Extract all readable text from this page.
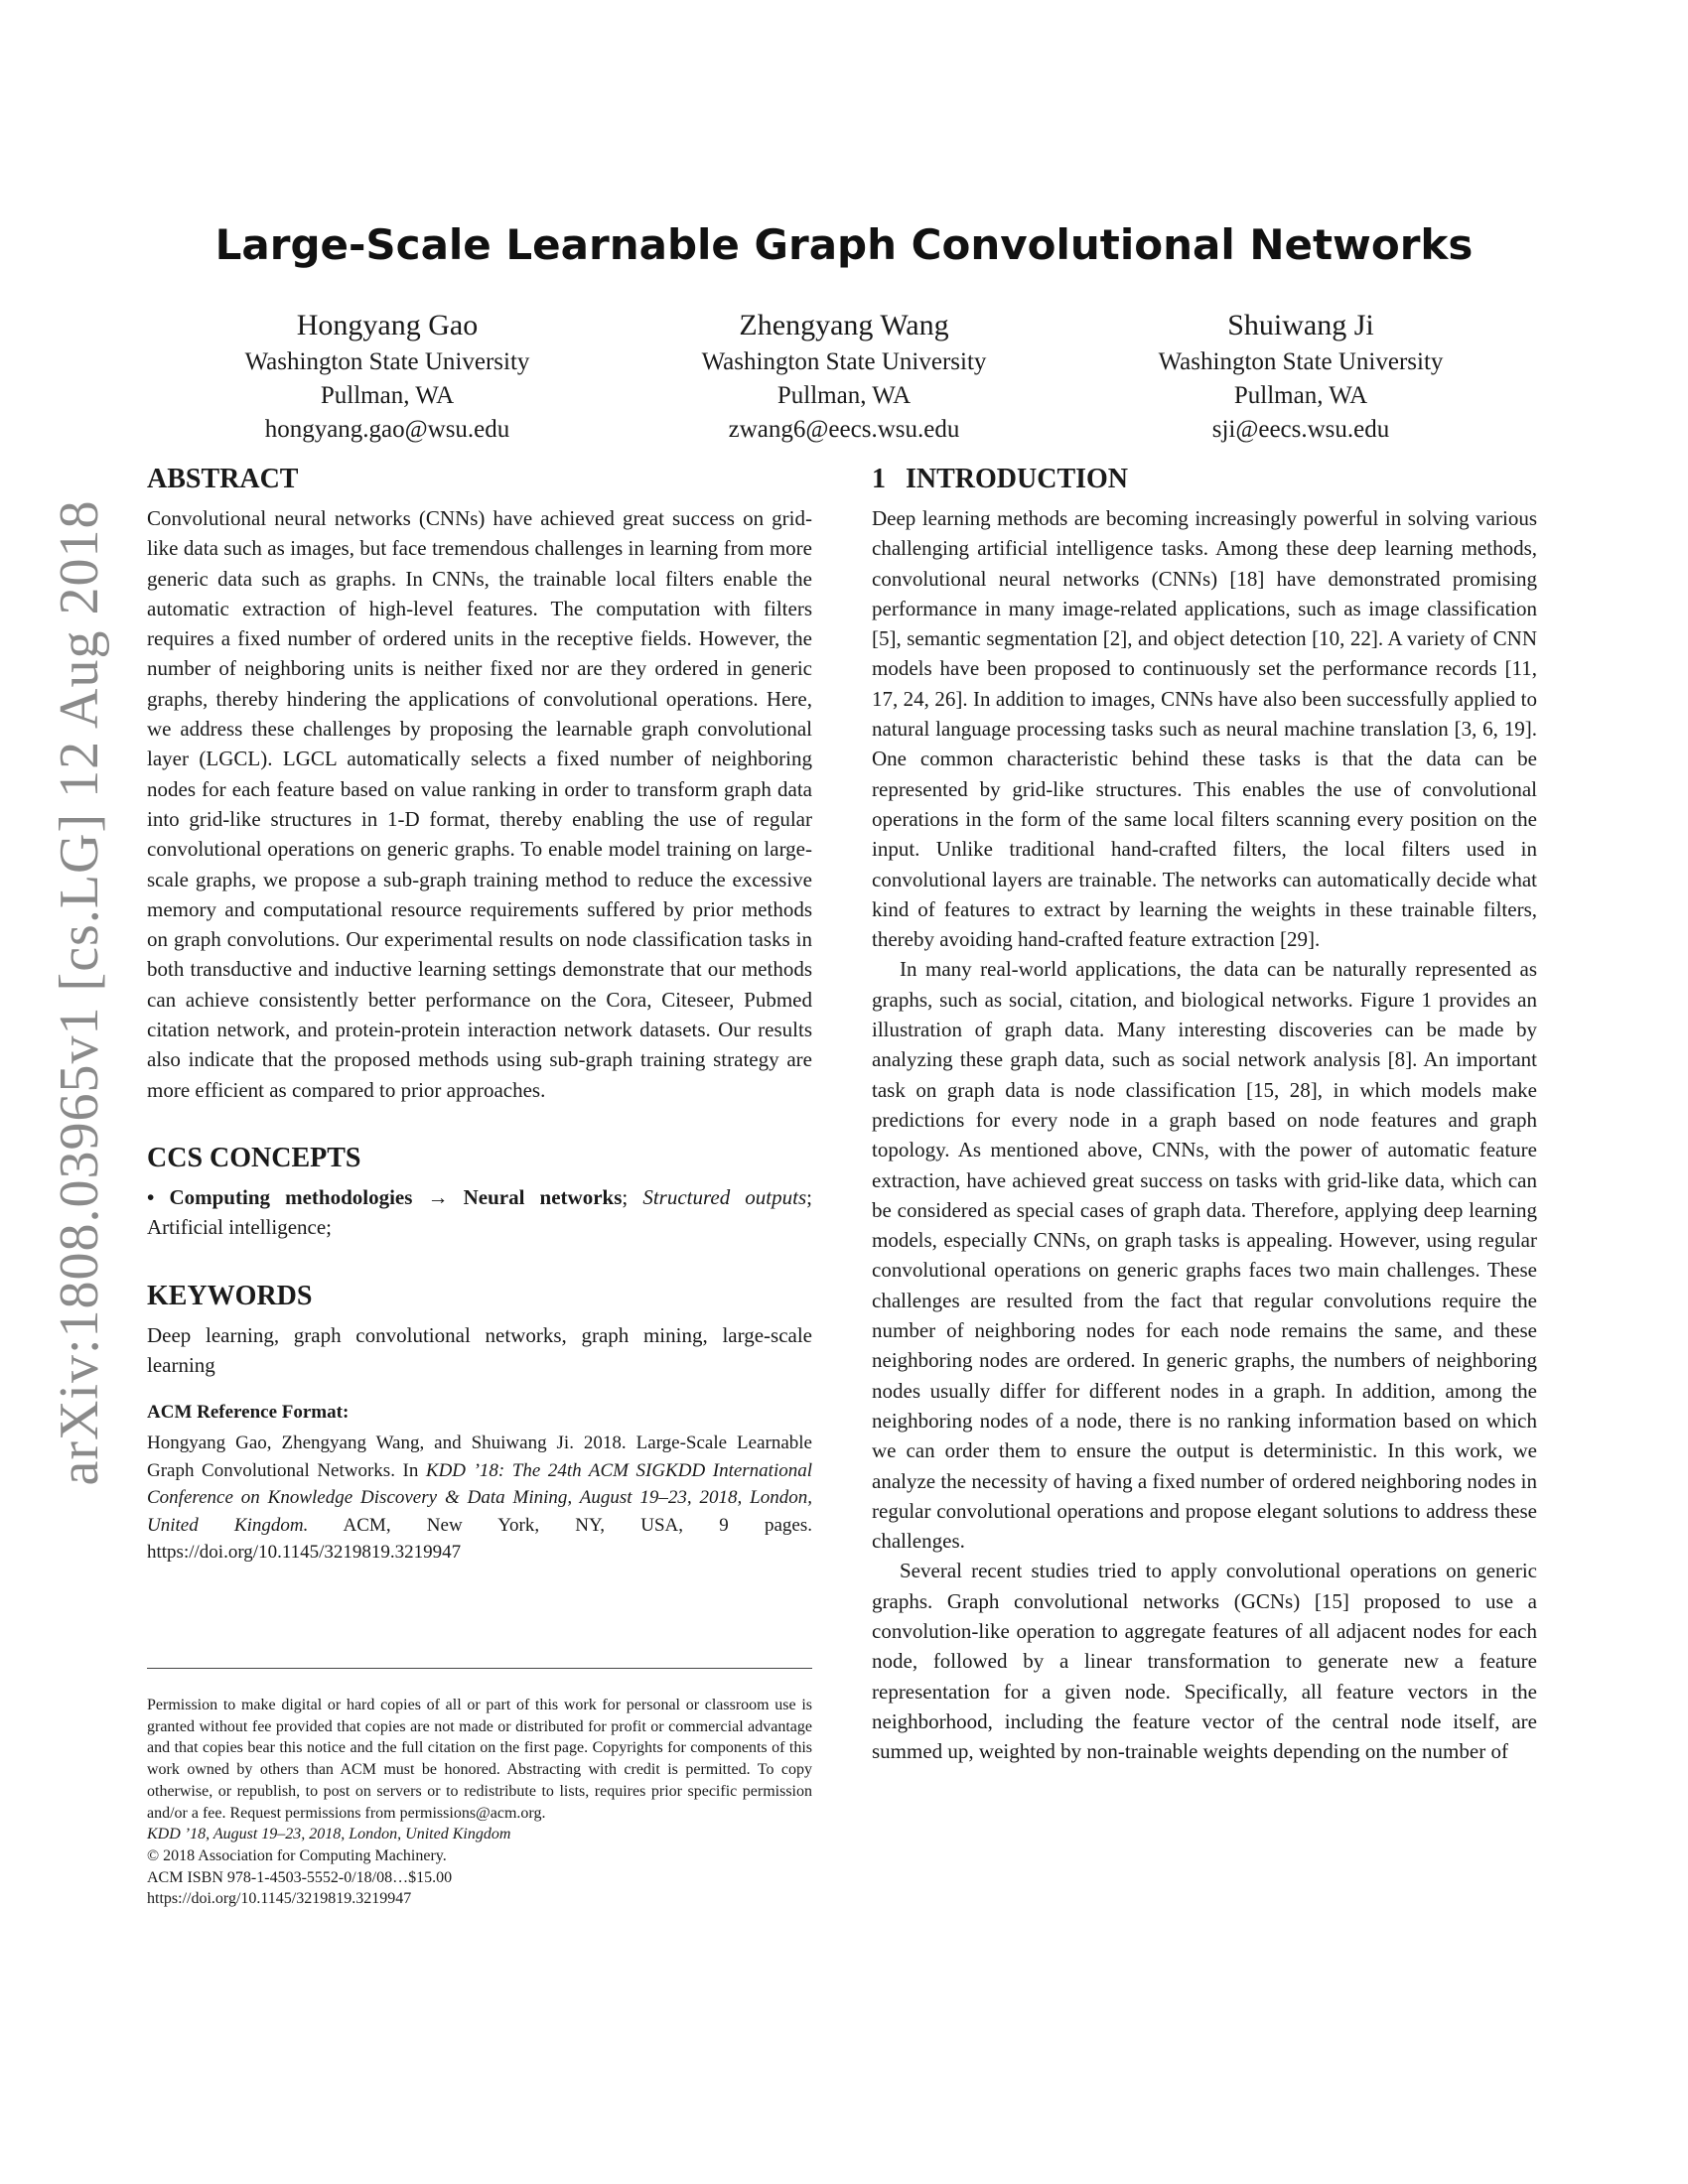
arXiv:1808.03965v1 [cs.LG] 12 Aug 2018
Large-Scale Learnable Graph Convolutional Networks
Hongyang Gao
Washington State University
Pullman, WA
hongyang.gao@wsu.edu
Zhengyang Wang
Washington State University
Pullman, WA
zwang6@eecs.wsu.edu
Shuiwang Ji
Washington State University
Pullman, WA
sji@eecs.wsu.edu
ABSTRACT

Convolutional neural networks (CNNs) have achieved great success on grid-like data such as images, but face tremendous challenges in learning from more generic data such as graphs. In CNNs, the trainable local filters enable the automatic extraction of high-level features. The computation with filters requires a fixed number of ordered units in the receptive fields. However, the number of neighboring units is neither fixed nor are they ordered in generic graphs, thereby hindering the applications of convolutional operations. Here, we address these challenges by proposing the learnable graph convolutional layer (LGCL). LGCL automatically selects a fixed number of neighboring nodes for each feature based on value ranking in order to transform graph data into grid-like structures in 1-D format, thereby enabling the use of regular convolutional operations on generic graphs. To enable model training on large-scale graphs, we propose a sub-graph training method to reduce the excessive memory and computational resource requirements suffered by prior methods on graph convolutions. Our experimental results on node classification tasks in both transductive and inductive learning settings demonstrate that our methods can achieve consistently better performance on the Cora, Citeseer, Pubmed citation network, and protein-protein interaction network datasets. Our results also indicate that the proposed methods using sub-graph training strategy are more efficient as compared to prior approaches.

CCS CONCEPTS

• Computing methodologies → Neural networks; Structured outputs; Artificial intelligence;

KEYWORDS

Deep learning, graph convolutional networks, graph mining, large-scale learning

ACM Reference Format:

Hongyang Gao, Zhengyang Wang, and Shuiwang Ji. 2018. Large-Scale Learnable Graph Convolutional Networks. In KDD ’18: The 24th ACM SIGKDD International Conference on Knowledge Discovery & Data Mining, August 19–23, 2018, London, United Kingdom. ACM, New York, NY, USA, 9 pages. https://doi.org/10.1145/3219819.3219947

Permission to make digital or hard copies of all or part of this work for personal or classroom use is granted without fee provided that copies are not made or distributed for profit or commercial advantage and that copies bear this notice and the full citation on the first page. Copyrights for components of this work owned by others than ACM must be honored. Abstracting with credit is permitted. To copy otherwise, or republish, to post on servers or to redistribute to lists, requires prior specific permission and/or a fee. Request permissions from permissions@acm.org.

KDD ’18, August 19–23, 2018, London, United Kingdom
© 2018 Association for Computing Machinery.
ACM ISBN 978-1-4503-5552-0/18/08…$15.00
https://doi.org/10.1145/3219819.3219947
1 INTRODUCTION

Deep learning methods are becoming increasingly powerful in solving various challenging artificial intelligence tasks. Among these deep learning methods, convolutional neural networks (CNNs) [18] have demonstrated promising performance in many image-related applications, such as image classification [5], semantic segmentation [2], and object detection [10, 22]. A variety of CNN models have been proposed to continuously set the performance records [11, 17, 24, 26]. In addition to images, CNNs have also been successfully applied to natural language processing tasks such as neural machine translation [3, 6, 19]. One common characteristic behind these tasks is that the data can be represented by grid-like structures. This enables the use of convolutional operations in the form of the same local filters scanning every position on the input. Unlike traditional hand-crafted filters, the local filters used in convolutional layers are trainable. The networks can automatically decide what kind of features to extract by learning the weights in these trainable filters, thereby avoiding hand-crafted feature extraction [29].

In many real-world applications, the data can be naturally represented as graphs, such as social, citation, and biological networks. Figure 1 provides an illustration of graph data. Many interesting discoveries can be made by analyzing these graph data, such as social network analysis [8]. An important task on graph data is node classification [15, 28], in which models make predictions for every node in a graph based on node features and graph topology. As mentioned above, CNNs, with the power of automatic feature extraction, have achieved great success on tasks with grid-like data, which can be considered as special cases of graph data. Therefore, applying deep learning models, especially CNNs, on graph tasks is appealing. However, using regular convolutional operations on generic graphs faces two main challenges. These challenges are resulted from the fact that regular convolutions require the number of neighboring nodes for each node remains the same, and these neighboring nodes are ordered. In generic graphs, the numbers of neighboring nodes usually differ for different nodes in a graph. In addition, among the neighboring nodes of a node, there is no ranking information based on which we can order them to ensure the output is deterministic. In this work, we analyze the necessity of having a fixed number of ordered neighboring nodes in regular convolutional operations and propose elegant solutions to address these challenges.

Several recent studies tried to apply convolutional operations on generic graphs. Graph convolutional networks (GCNs) [15] proposed to use a convolution-like operation to aggregate features of all adjacent nodes for each node, followed by a linear transformation to generate new a feature representation for a given node. Specifically, all feature vectors in the neighborhood, including the feature vector of the central node itself, are summed up, weighted by non-trainable weights depending on the number of
